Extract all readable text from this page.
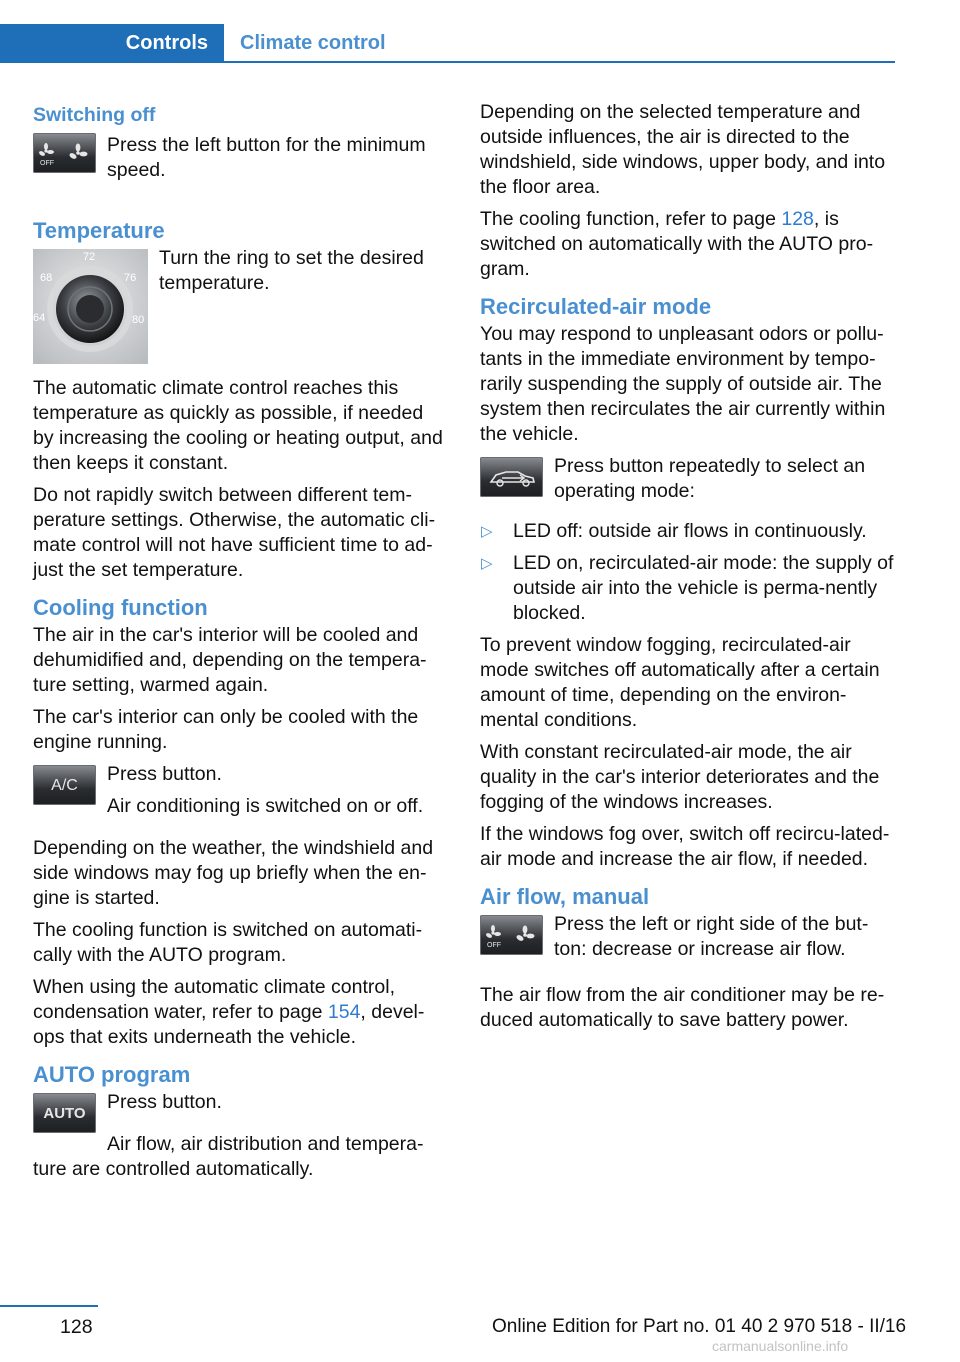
Controls	Climate control
Switching off
OFF

Press the left button for the minimum speed.

Temperature
64
68
72
76
80

Turn the ring to set the desired temperature.

The automatic climate control reaches this temperature as quickly as possible, if needed by increasing the cooling or heating output, and then keeps it constant.

Do not rapidly switch between different tem‐perature settings. Otherwise, the automatic cli‐mate control will not have sufficient time to ad‐just the set temperature.

Cooling function

The air in the car's interior will be cooled and dehumidified and, depending on the tempera‐ture setting, warmed again.

The car's interior can only be cooled with the engine running.

A/C Press button.

Air conditioning is switched on or off.

Depending on the weather, the windshield and side windows may fog up briefly when the en‐gine is started.

The cooling function is switched on automati‐cally with the AUTO program.

When using the automatic climate control, condensation water, refer to page 154, devel‐ops that exits underneath the vehicle.

AUTO program
AUTO Press button.

Air flow, air distribution and tempera‐ture are controlled automatically.

Depending on the selected temperature and outside influences, the air is directed to the windshield, side windows, upper body, and into the floor area.

The cooling function, refer to page 128, is switched on automatically with the AUTO pro‐gram.

Recirculated-air mode

You may respond to unpleasant odors or pollu‐tants in the immediate environment by tempo‐rarily suspending the supply of outside air. The system then recirculates the air currently within the vehicle.

Press button repeatedly to select an operating mode:

▷ LED off: outside air flows in continuously.
▷ LED on, recirculated-air mode: the supply of outside air into the vehicle is perma‐nently blocked.

To prevent window fogging, recirculated-air mode switches off automatically after a certain amount of time, depending on the environ‐mental conditions.

With constant recirculated-air mode, the air quality in the car's interior deteriorates and the fogging of the windows increases.

If the windows fog over, switch off recircu‐lated-air mode and increase the air flow, if needed.

Air flow, manual
OFF

Press the left or right side of the but‐ton: decrease or increase air flow.

The air flow from the air conditioner may be re‐duced automatically to save battery power.

128	Online Edition for Part no. 01 40 2 970 518 - II/16
carmanualsonline.info
